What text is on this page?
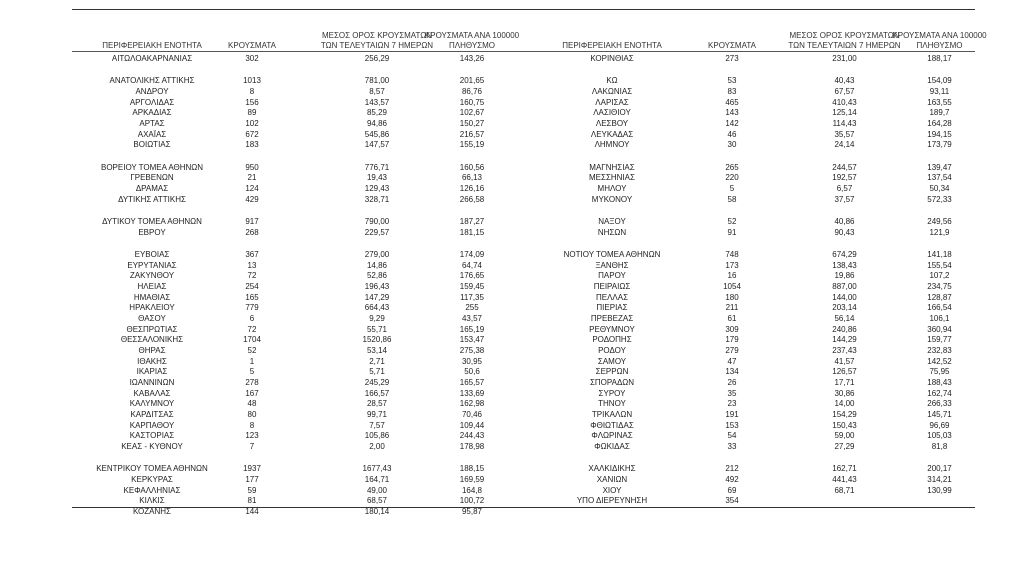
ΠΕΡΙΦΕΡΕΙΑΚΗ ΕΝΟΤΗΤΑ	ΚΡΟΥΣΜΑΤΑ
ΜΕΣΟΣ ΟΡΟΣ ΚΡΟΥΣΜΑΤΩΝ
ΤΩΝ ΤΕΛΕΥΤΑΙΩΝ 7 ΗΜΕΡΩΝ
ΚΡΟΥΣΜΑΤΑ ΑΝΑ 100000
ΠΛΗΘΥΣΜΟ
ΑΙΤΩΛΟΑΚΑΡΝΑΝΙΑΣ	302	256,29	143,26
ΑΝΑΤΟΛΙΚΗΣ ΑΤΤΙΚΗΣ	1013	781,00	201,65
ΑΝΔΡΟΥ	8	8,57	86,76
ΑΡΓΟΛΙΔΑΣ	156	143,57	160,75
ΑΡΚΑΔΙΑΣ	89	85,29	102,67
ΑΡΤΑΣ	102	94,86	150,27
ΑΧΑΪΑΣ	672	545,86	216,57
ΒΟΙΩΤΙΑΣ	183	147,57	155,19
ΒΟΡΕΙΟΥ ΤΟΜΕΑ ΑΘΗΝΩΝ	950	776,71	160,56
ΓΡΕΒΕΝΩΝ	21	19,43	66,13
ΔΡΑΜΑΣ	124	129,43	126,16
ΔΥΤΙΚΗΣ ΑΤΤΙΚΗΣ	429	328,71	266,58
ΔΥΤΙΚΟΥ ΤΟΜΕΑ ΑΘΗΝΩΝ	917	790,00	187,27
ΕΒΡΟΥ	268	229,57	181,15
ΕΥΒΟΙΑΣ	367	279,00	174,09
ΕΥΡΥΤΑΝΙΑΣ	13	14,86	64,74
ΖΑΚΥΝΘΟΥ	72	52,86	176,65
ΗΛΕΙΑΣ	254	196,43	159,45
ΗΜΑΘΙΑΣ	165	147,29	117,35
ΗΡΑΚΛΕΙΟΥ	779	664,43	255
ΘΑΣΟΥ	6	9,29	43,57
ΘΕΣΠΡΩΤΙΑΣ	72	55,71	165,19
ΘΕΣΣΑΛΟΝΙΚΗΣ	1704	1520,86	153,47
ΘΗΡΑΣ	52	53,14	275,38
ΙΘΑΚΗΣ	1	2,71	30,95
ΙΚΑΡΙΑΣ	5	5,71	50,6
ΙΩΑΝΝΙΝΩΝ	278	245,29	165,57
ΚΑΒΑΛΑΣ	167	166,57	133,69
ΚΑΛΥΜΝΟΥ	48	28,57	162,98
ΚΑΡΔΙΤΣΑΣ	80	99,71	70,46
ΚΑΡΠΑΘΟΥ	8	7,57	109,44
ΚΑΣΤΟΡΙΑΣ	123	105,86	244,43
ΚΕΑΣ - ΚΥΘΝΟΥ	7	2,00	178,98
ΚΕΝΤΡΙΚΟΥ ΤΟΜΕΑ ΑΘΗΝΩΝ	1937	1677,43	188,15
ΚΕΡΚΥΡΑΣ	177	164,71	169,59
ΚΕΦΑΛΛΗΝΙΑΣ	59	49,00	164,8
ΚΙΛΚΙΣ	81	68,57	100,72
ΚΟΖΑΝΗΣ	144	180,14	95,87
ΠΕΡΙΦΕΡΕΙΑΚΗ ΕΝΟΤΗΤΑ	ΚΡΟΥΣΜΑΤΑ
ΜΕΣΟΣ ΟΡΟΣ ΚΡΟΥΣΜΑΤΩΝ
ΤΩΝ ΤΕΛΕΥΤΑΙΩΝ 7 ΗΜΕΡΩΝ
ΚΡΟΥΣΜΑΤΑ ΑΝΑ 100000
ΠΛΗΘΥΣΜΟ
ΚΟΡΙΝΘΙΑΣ	273	231,00	188,17
ΚΩ	53	40,43	154,09
ΛΑΚΩΝΙΑΣ	83	67,57	93,11
ΛΑΡΙΣΑΣ	465	410,43	163,55
ΛΑΣΙΘΙΟΥ	143	125,14	189,7
ΛΕΣΒΟΥ	142	114,43	164,28
ΛΕΥΚΑΔΑΣ	46	35,57	194,15
ΛΗΜΝΟΥ	30	24,14	173,79
ΜΑΓΝΗΣΙΑΣ	265	244,57	139,47
ΜΕΣΣΗΝΙΑΣ	220	192,57	137,54
ΜΗΛΟΥ	5	6,57	50,34
ΜΥΚΟΝΟΥ	58	37,57	572,33
ΝΑΞΟΥ	52	40,86	249,56
ΝΗΣΩΝ	91	90,43	121,9
ΝΟΤΙΟΥ ΤΟΜΕΑ ΑΘΗΝΩΝ	748	674,29	141,18
ΞΑΝΘΗΣ	173	138,43	155,54
ΠΑΡΟΥ	16	19,86	107,2
ΠΕΙΡΑΙΩΣ	1054	887,00	234,75
ΠΕΛΛΑΣ	180	144,00	128,87
ΠΙΕΡΙΑΣ	211	203,14	166,54
ΠΡΕΒΕΖΑΣ	61	56,14	106,1
ΡΕΘΥΜΝΟΥ	309	240,86	360,94
ΡΟΔΟΠΗΣ	179	144,29	159,77
ΡΟΔΟΥ	279	237,43	232,83
ΣΑΜΟΥ	47	41,57	142,52
ΣΕΡΡΩΝ	134	126,57	75,95
ΣΠΟΡΑΔΩΝ	26	17,71	188,43
ΣΥΡΟΥ	35	30,86	162,74
ΤΗΝΟΥ	23	14,00	266,33
ΤΡΙΚΑΛΩΝ	191	154,29	145,71
ΦΘΙΩΤΙΔΑΣ	153	150,43	96,69
ΦΛΩΡΙΝΑΣ	54	59,00	105,03
ΦΩΚΙΔΑΣ	33	27,29	81,8
ΧΑΛΚΙΔΙΚΗΣ	212	162,71	200,17
ΧΑΝΙΩΝ	492	441,43	314,21
ΧΙΟΥ	69	68,71	130,99
ΥΠΟ ΔΙΕΡΕΥΝΗΣΗ	354
